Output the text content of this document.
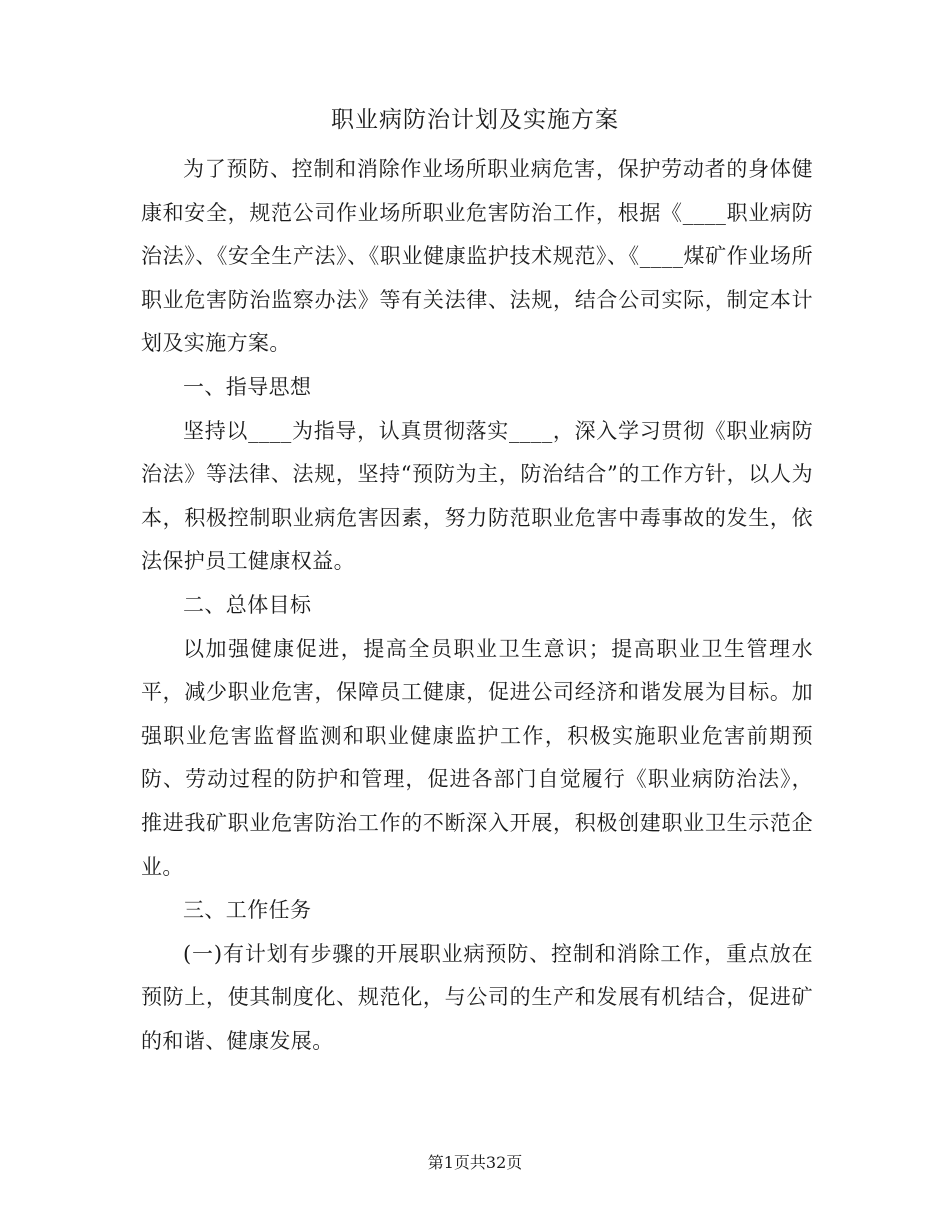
职业病防治计划及实施方案

为了预防、控制和消除作业场所职业病危害，保护劳动者的身体健康和安全，规范公司作业场所职业危害防治工作，根据《____职业病防治法》、《安全生产法》、《职业健康监护技术规范》、《____煤矿作业场所职业危害防治监察办法》等有关法律、法规，结合公司实际，制定本计划及实施方案。

一、指导思想

坚持以____为指导，认真贯彻落实____，深入学习贯彻《职业病防治法》等法律、法规，坚持“预防为主，防治结合”的工作方针，以人为本，积极控制职业病危害因素，努力防范职业危害中毒事故的发生，依法保护员工健康权益。

二、总体目标

以加强健康促进，提高全员职业卫生意识；提高职业卫生管理水平，减少职业危害，保障员工健康，促进公司经济和谐发展为目标。加强职业危害监督监测和职业健康监护工作，积极实施职业危害前期预防、劳动过程的防护和管理，促进各部门自觉履行《职业病防治法》，推进我矿职业危害防治工作的不断深入开展，积极创建职业卫生示范企业。

三、工作任务

(一)有计划有步骤的开展职业病预防、控制和消除工作，重点放在预防上，使其制度化、规范化，与公司的生产和发展有机结合，促进矿的和谐、健康发展。

第1页共32页
